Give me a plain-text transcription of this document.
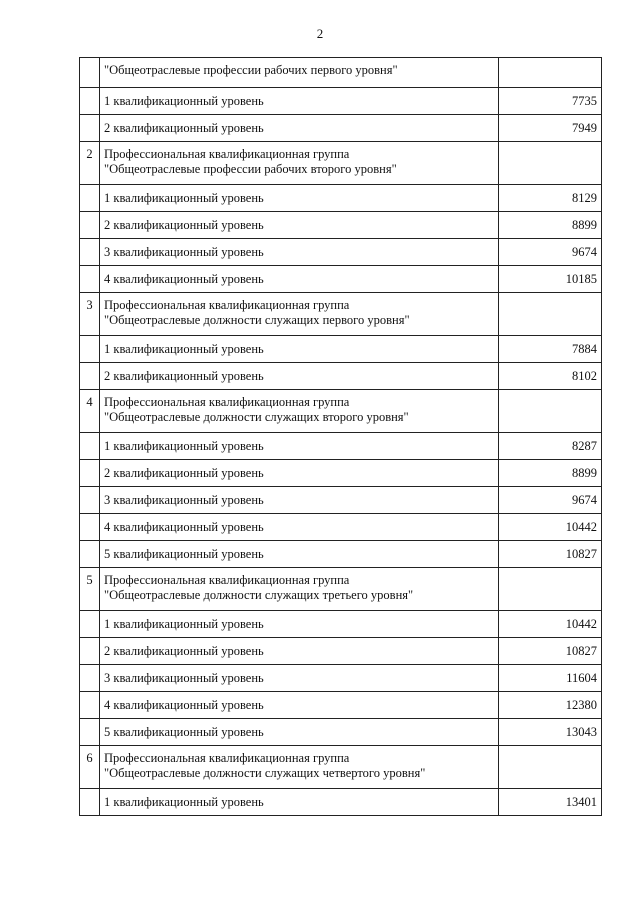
2

	"Общеотраслевые профессии рабочих первого уровня"	

	1 квалификационный уровень	7735
	2 квалификационный уровень	7949
2	Профессиональная квалификационная группа
"Общеотраслевые профессии рабочих второго уровня"	

	1 квалификационный уровень	8129
	2 квалификационный уровень	8899
	3 квалификационный уровень	9674
	4 квалификационный уровень	10185
3	Профессиональная квалификационная группа
"Общеотраслевые должности служащих первого уровня"	

	1 квалификационный уровень	7884
	2 квалификационный уровень	8102
4	Профессиональная квалификационная группа
"Общеотраслевые должности служащих второго уровня"	

	1 квалификационный уровень	8287
	2 квалификационный уровень	8899
	3 квалификационный уровень	9674
	4 квалификационный уровень	10442
	5 квалификационный уровень	10827
5	Профессиональная квалификационная группа
"Общеотраслевые должности служащих третьего уровня"	

	1 квалификационный уровень	10442
	2 квалификационный уровень	10827
	3 квалификационный уровень	11604
	4 квалификационный уровень	12380
	5 квалификационный уровень	13043
6	Профессиональная квалификационная группа
"Общеотраслевые должности служащих четвертого уровня"	

	1 квалификационный уровень	13401
